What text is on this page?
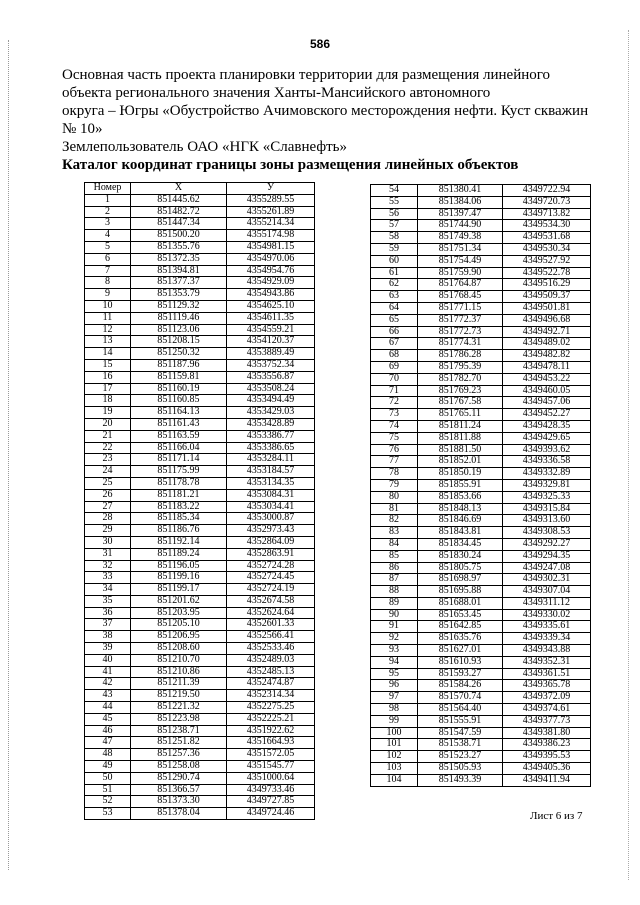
586
Основная часть проекта планировки территории для размещения линейного
объекта регионального значения Ханты-Мансийского автономного
округа – Югры «Обустройство Ачимовского месторождения нефти. Куст скважин
№ 10»
Землепользователь ОАО «НГК «Славнефть»
Каталог координат границы зоны размещения линейных объектов
Номер	X	У
1	851445.62	4355289.55
2	851482.72	4355261.89
3	851447.34	4355214.34
4	851500.20	4355174.98
5	851355.76	4354981.15
6	851372.35	4354970.06
7	851394.81	4354954.76
8	851377.37	4354929.09
9	851353.79	4354943.86
10	851129.32	4354625.10
11	851119.46	4354611.35
12	851123.06	4354559.21
13	851208.15	4354120.37
14	851250.32	4353889.49
15	851187.96	4353752.34
16	851159.81	4353556.87
17	851160.19	4353508.24
18	851160.85	4353494.49
19	851164.13	4353429.03
20	851161.43	4353428.89
21	851163.59	4353386.77
22	851166.04	4353386.65
23	851171.14	4353284.11
24	851175.99	4353184.57
25	851178.78	4353134.35
26	851181.21	4353084.31
27	851183.22	4353034.41
28	851185.34	4353000.87
29	851186.76	4352973.43
30	851192.14	4352864.09
31	851189.24	4352863.91
32	851196.05	4352724.28
33	851199.16	4352724.45
34	851199.17	4352724.19
35	851201.62	4352674.58
36	851203.95	4352624.64
37	851205.10	4352601.33
38	851206.95	4352566.41
39	851208.60	4352533.46
40	851210.70	4352489.03
41	851210.86	4352485.13
42	851211.39	4352474.87
43	851219.50	4352314.34
44	851221.32	4352275.25
45	851223.98	4352225.21
46	851238.71	4351922.62
47	851251.82	4351664.93
48	851257.36	4351572.05
49	851258.08	4351545.77
50	851290.74	4351000.64
51	851366.57	4349733.46
52	851373.30	4349727.85
53	851378.04	4349724.46
54	851380.41	4349722.94
55	851384.06	4349720.73
56	851397.47	4349713.82
57	851744.90	4349534.30
58	851749.38	4349531.68
59	851751.34	4349530.34
60	851754.49	4349527.92
61	851759.90	4349522.78
62	851764.87	4349516.29
63	851768.45	4349509.37
64	851771.15	4349501.81
65	851772.37	4349496.68
66	851772.73	4349492.71
67	851774.31	4349489.02
68	851786.28	4349482.82
69	851795.39	4349478.11
70	851782.70	4349453.22
71	851769.23	4349460.05
72	851767.58	4349457.06
73	851765.11	4349452.27
74	851811.24	4349428.35
75	851811.88	4349429.65
76	851881.50	4349393.62
77	851852.01	4349336.58
78	851850.19	4349332.89
79	851855.91	4349329.81
80	851853.66	4349325.33
81	851848.13	4349315.84
82	851846.69	4349313.60
83	851843.81	4349308.53
84	851834.45	4349292.27
85	851830.24	4349294.35
86	851805.75	4349247.08
87	851698.97	4349302.31
88	851695.88	4349307.04
89	851688.01	4349311.12
90	851653.45	4349330.02
91	851642.85	4349335.61
92	851635.76	4349339.34
93	851627.01	4349343.88
94	851610.93	4349352.31
95	851593.27	4349361.51
96	851584.26	4349365.78
97	851570.74	4349372.09
98	851564.40	4349374.61
99	851555.91	4349377.73
100	851547.59	4349381.80
101	851538.71	4349386.23
102	851523.27	4349395.53
103	851505.93	4349405.36
104	851493.39	4349411.94
Лист 6 из 7
